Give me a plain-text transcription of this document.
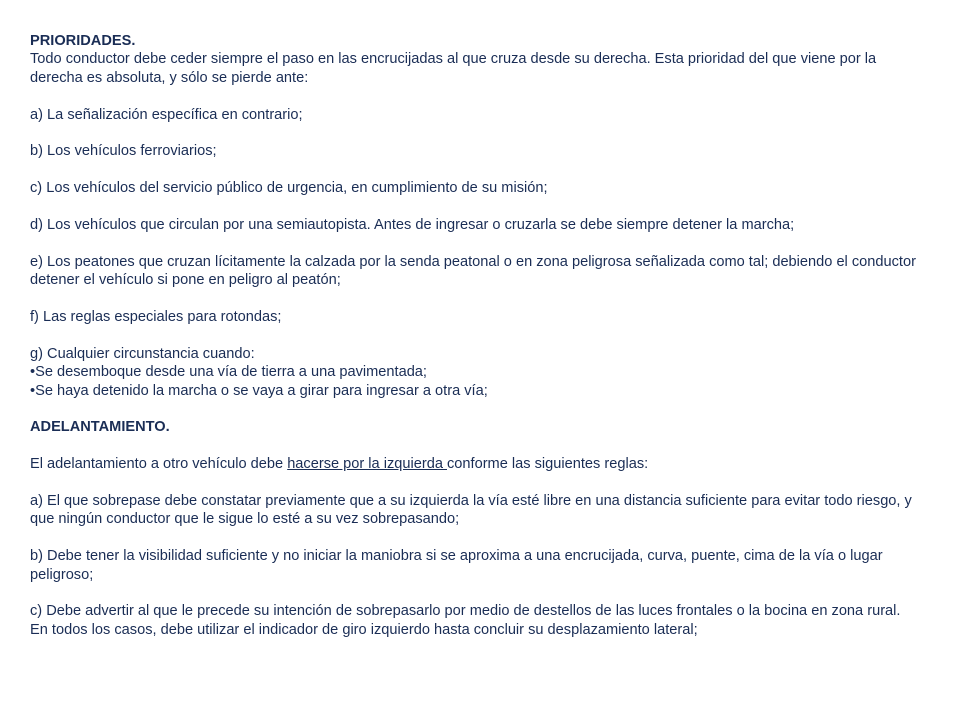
PRIORIDADES.

Todo conductor debe ceder siempre el paso en las encrucijadas al que cruza desde su derecha. Esta prioridad del que viene por la derecha es absoluta, y sólo se pierde ante:

a) La señalización específica en contrario;

b) Los vehículos ferroviarios;

c) Los vehículos del servicio público de urgencia, en cumplimiento de su misión;

d) Los vehículos que circulan por una semiautopista. Antes de ingresar o cruzarla se debe siempre detener la marcha;

e) Los peatones que cruzan lícitamente la calzada por la senda peatonal o en zona peligrosa señalizada como tal; debiendo el conductor detener el vehículo si pone en peligro al peatón;

f) Las reglas especiales para rotondas;

g) Cualquier circunstancia cuando:

•Se desemboque desde una vía de tierra a una pavimentada;

•Se haya detenido la marcha o se vaya a girar para ingresar a otra vía;

ADELANTAMIENTO.

El adelantamiento a otro vehículo debe hacerse por la izquierda conforme las siguientes reglas:

a) El que sobrepase debe constatar previamente que a su izquierda la vía esté libre en una distancia suficiente para evitar todo riesgo, y que ningún conductor que le sigue lo esté a su vez sobrepasando;

b) Debe tener la visibilidad suficiente y no iniciar la maniobra si se aproxima a una encrucijada, curva, puente, cima de la vía o lugar peligroso;

c) Debe advertir al que le precede su intención de sobrepasarlo por medio de destellos de las luces frontales o la bocina en zona rural. En todos los casos, debe utilizar el indicador de giro izquierdo hasta concluir su desplazamiento lateral;
